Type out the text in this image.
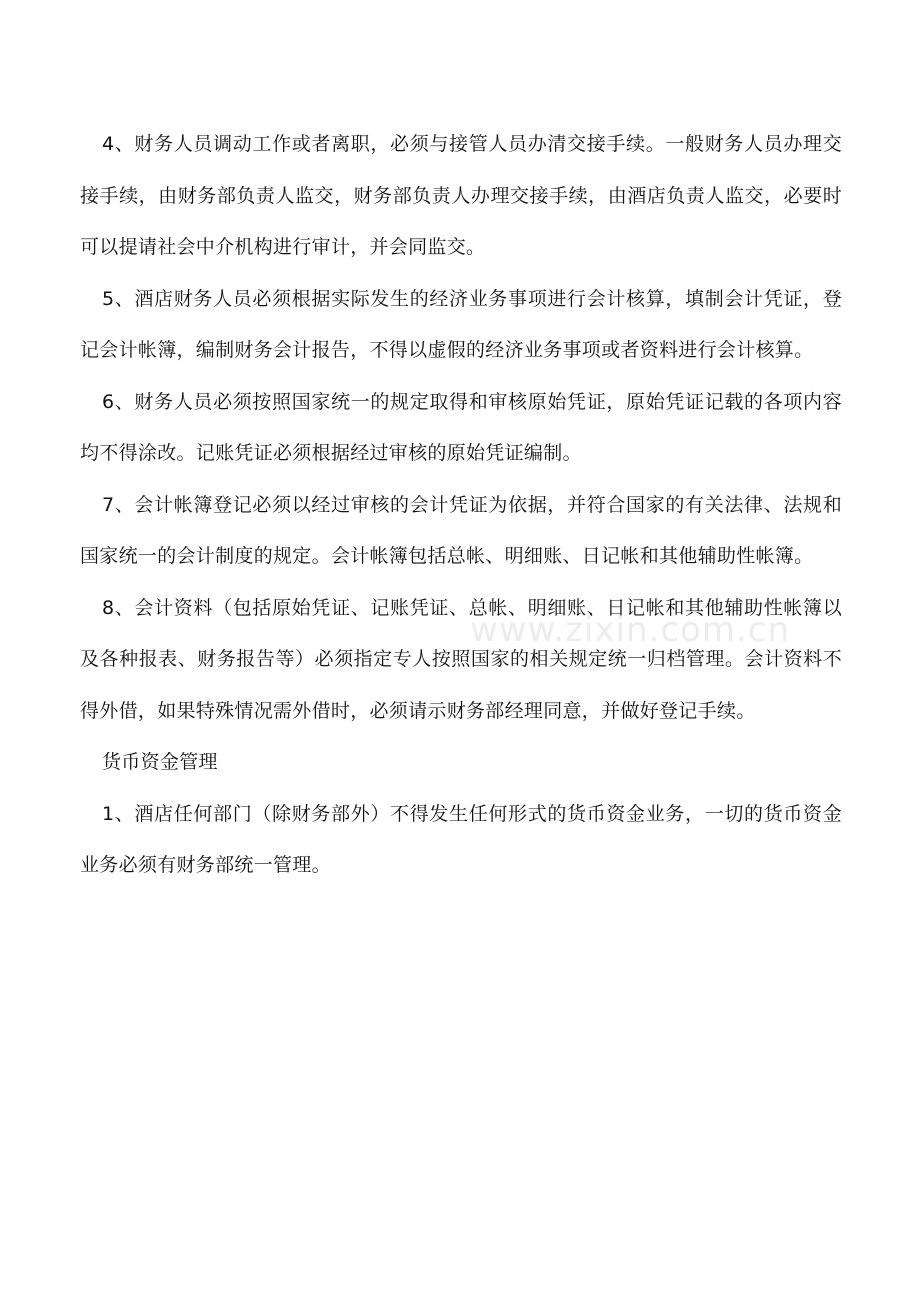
4、财务人员调动工作或者离职，必须与接管人员办清交接手续。一般财务人员办理交接手续，由财务部负责人监交，财务部负责人办理交接手续，由酒店负责人监交，必要时可以提请社会中介机构进行审计，并会同监交。

5、酒店财务人员必须根据实际发生的经济业务事项进行会计核算，填制会计凭证，登记会计帐簿，编制财务会计报告，不得以虚假的经济业务事项或者资料进行会计核算。

6、财务人员必须按照国家统一的规定取得和审核原始凭证，原始凭证记载的各项内容均不得涂改。记账凭证必须根据经过审核的原始凭证编制。

7、会计帐簿登记必须以经过审核的会计凭证为依据，并符合国家的有关法律、法规和国家统一的会计制度的规定。会计帐簿包括总帐、明细账、日记帐和其他辅助性帐簿。

8、会计资料（包括原始凭证、记账凭证、总帐、明细账、日记帐和其他辅助性帐簿以及各种报表、财务报告等）必须指定专人按照国家的相关规定统一归档管理。会计资料不得外借，如果特殊情况需外借时，必须请示财务部经理同意，并做好登记手续。

货币资金管理

1、酒店任何部门（除财务部外）不得发生任何形式的货币资金业务，一切的货币资金业务必须有财务部统一管理。

www.zixin.com.cn
